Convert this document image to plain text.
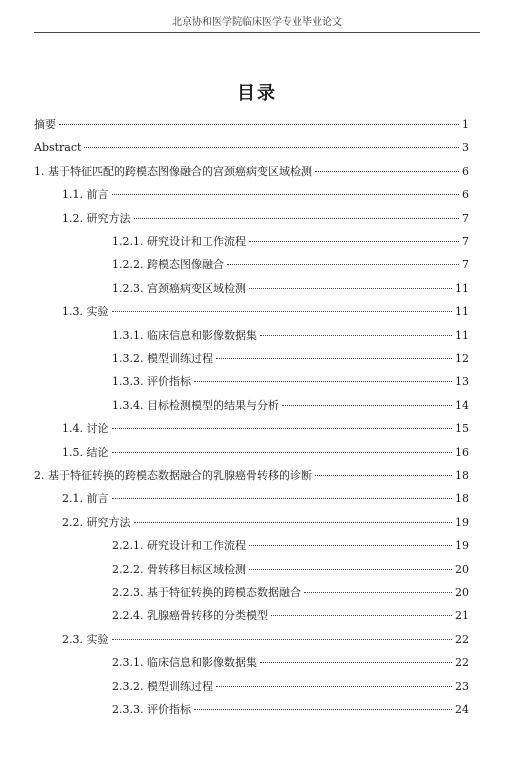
北京协和医学院临床医学专业毕业论文
目录
摘要	1
Abstract	3
1. 基于特征匹配的跨模态图像融合的宫颈癌病变区域检测	6
1.1. 前言	6
1.2. 研究方法	7
1.2.1. 研究设计和工作流程	7
1.2.2. 跨模态图像融合	7
1.2.3. 宫颈癌病变区域检测	11
1.3. 实验	11
1.3.1. 临床信息和影像数据集	11
1.3.2. 模型训练过程	12
1.3.3. 评价指标	13
1.3.4. 目标检测模型的结果与分析	14
1.4. 讨论	15
1.5. 结论	16
2. 基于特征转换的跨模态数据融合的乳腺癌骨转移的诊断	18
2.1. 前言	18
2.2. 研究方法	19
2.2.1. 研究设计和工作流程	19
2.2.2. 骨转移目标区域检测	20
2.2.3. 基于特征转换的跨模态数据融合	20
2.2.4. 乳腺癌骨转移的分类模型	21
2.3. 实验	22
2.3.1. 临床信息和影像数据集	22
2.3.2. 模型训练过程	23
2.3.3. 评价指标	24
